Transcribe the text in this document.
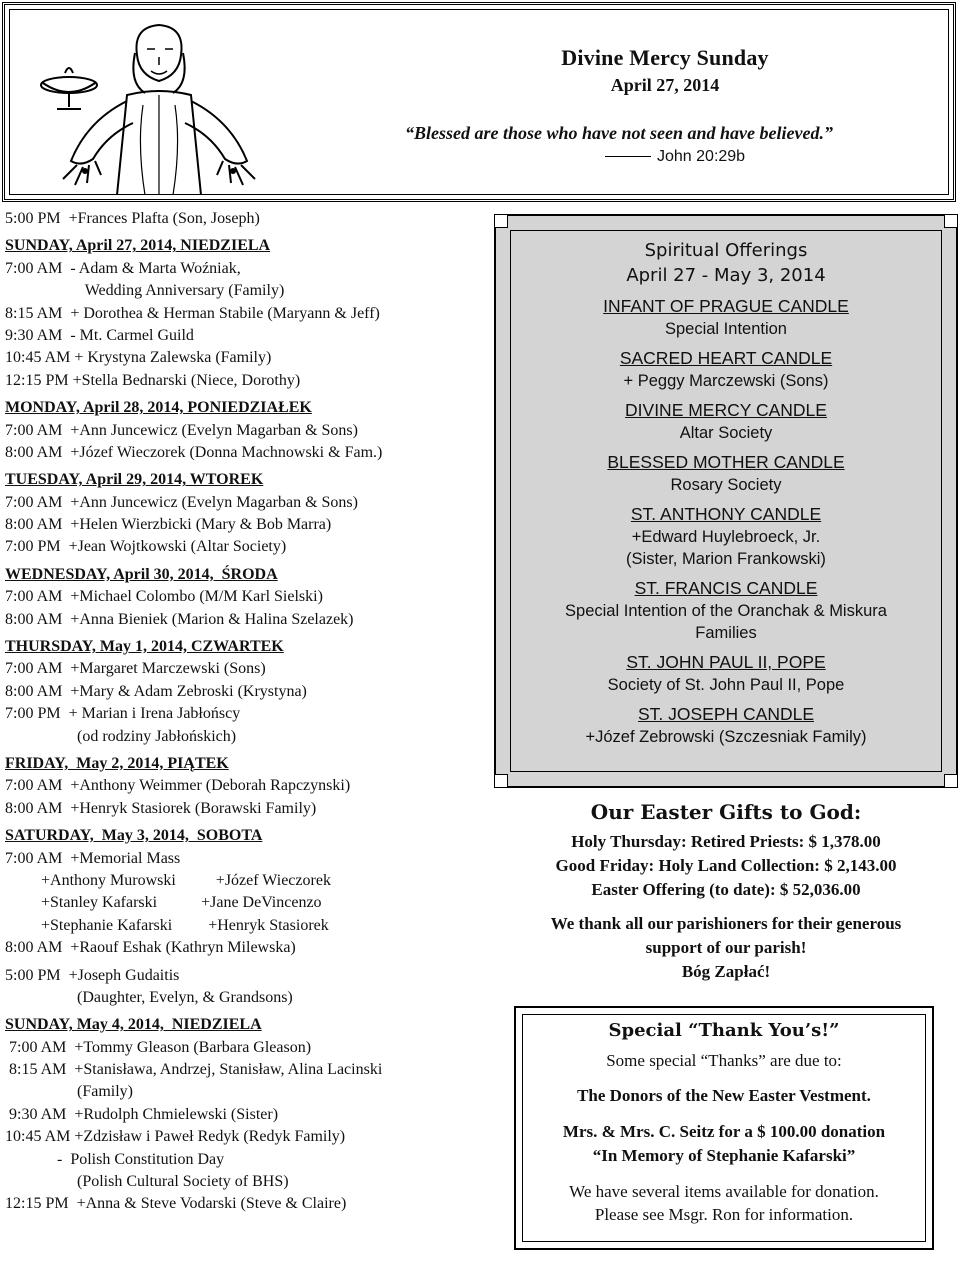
Divine Mercy Sunday
April 27, 2014
“Blessed are those who have not seen and have believed.”
John 20:29b
5:00 PM  +Frances Plafta (Son, Joseph)
SUNDAY, April 27, 2014, NIEDZIELA
7:00 AM  - Adam & Marta Woźniak,
Wedding Anniversary (Family)
8:15 AM  + Dorothea & Herman Stabile (Maryann & Jeff)
9:30 AM  - Mt. Carmel Guild
10:45 AM + Krystyna Zalewska (Family)
12:15 PM +Stella Bednarski (Niece, Dorothy)
MONDAY, April 28, 2014, PONIEDZIAŁEK
7:00 AM  +Ann Juncewicz (Evelyn Magarban & Sons)
8:00 AM  +Józef Wieczorek (Donna Machnowski & Fam.)
TUESDAY, April 29, 2014, WTOREK
7:00 AM  +Ann Juncewicz (Evelyn Magarban & Sons)
8:00 AM  +Helen Wierzbicki (Mary & Bob Marra)
7:00 PM  +Jean Wojtkowski (Altar Society)
WEDNESDAY, April 30, 2014,  ŚRODA
7:00 AM  +Michael Colombo (M/M Karl Sielski)
8:00 AM  +Anna Bieniek (Marion & Halina Szelazek)
THURSDAY, May 1, 2014, CZWARTEK
7:00 AM  +Margaret Marczewski (Sons)
8:00 AM  +Mary & Adam Zebroski (Krystyna)
7:00 PM  + Marian i Irena Jabłońscy
(od rodziny Jabłońskich)
FRIDAY,  May 2, 2014, PIĄTEK
7:00 AM  +Anthony Weimmer (Deborah Rapczynski)
8:00 AM  +Henryk Stasiorek (Borawski Family)
SATURDAY,  May 3, 2014,  SOBOTA
7:00 AM  +Memorial Mass
+Anthony Murowski          +Józef Wieczorek
+Stanley Kafarski           +Jane DeVincenzo
+Stephanie Kafarski         +Henryk Stasiorek
8:00 AM  +Raouf Eshak (Kathryn Milewska)
5:00 PM  +Joseph Gudaitis
(Daughter, Evelyn, & Grandsons)
SUNDAY, May 4, 2014,  NIEDZIELA
7:00 AM  +Tommy Gleason (Barbara Gleason)
8:15 AM  +Stanisława, Andrzej, Stanisław, Alina Lacinski
(Family)
9:30 AM  +Rudolph Chmielewski (Sister)
10:45 AM +Zdzisław i Paweł Redyk (Redyk Family)
-  Polish Constitution Day
(Polish Cultural Society of BHS)
12:15 PM  +Anna & Steve Vodarski (Steve & Claire)
Spiritual Offerings
April 27 - May 3, 2014
INFANT OF PRAGUE CANDLE
Special Intention
SACRED HEART CANDLE
+ Peggy Marczewski (Sons)
DIVINE MERCY CANDLE
Altar Society
BLESSED MOTHER CANDLE
Rosary Society
ST. ANTHONY CANDLE
+Edward Huylebroeck, Jr.
(Sister, Marion Frankowski)
ST. FRANCIS CANDLE
Special Intention of the Oranchak & Miskura
Families
ST. JOHN PAUL II, POPE
Society of St. John Paul II, Pope
ST. JOSEPH CANDLE
+Józef Zebrowski (Szczesniak Family)
Our Easter Gifts to God:
Holy Thursday: Retired Priests: $ 1,378.00
Good Friday: Holy Land Collection: $ 2,143.00
Easter Offering (to date): $ 52,036.00
We thank all our parishioners for their generous
support of our parish!
Bóg Zapłać!
Special “Thank You’s!”
Some special “Thanks” are due to:
The Donors of the New Easter Vestment.
Mrs. & Mrs. C. Seitz for a $ 100.00 donation
“In Memory of Stephanie Kafarski”
We have several items available for donation.
Please see Msgr. Ron for information.
